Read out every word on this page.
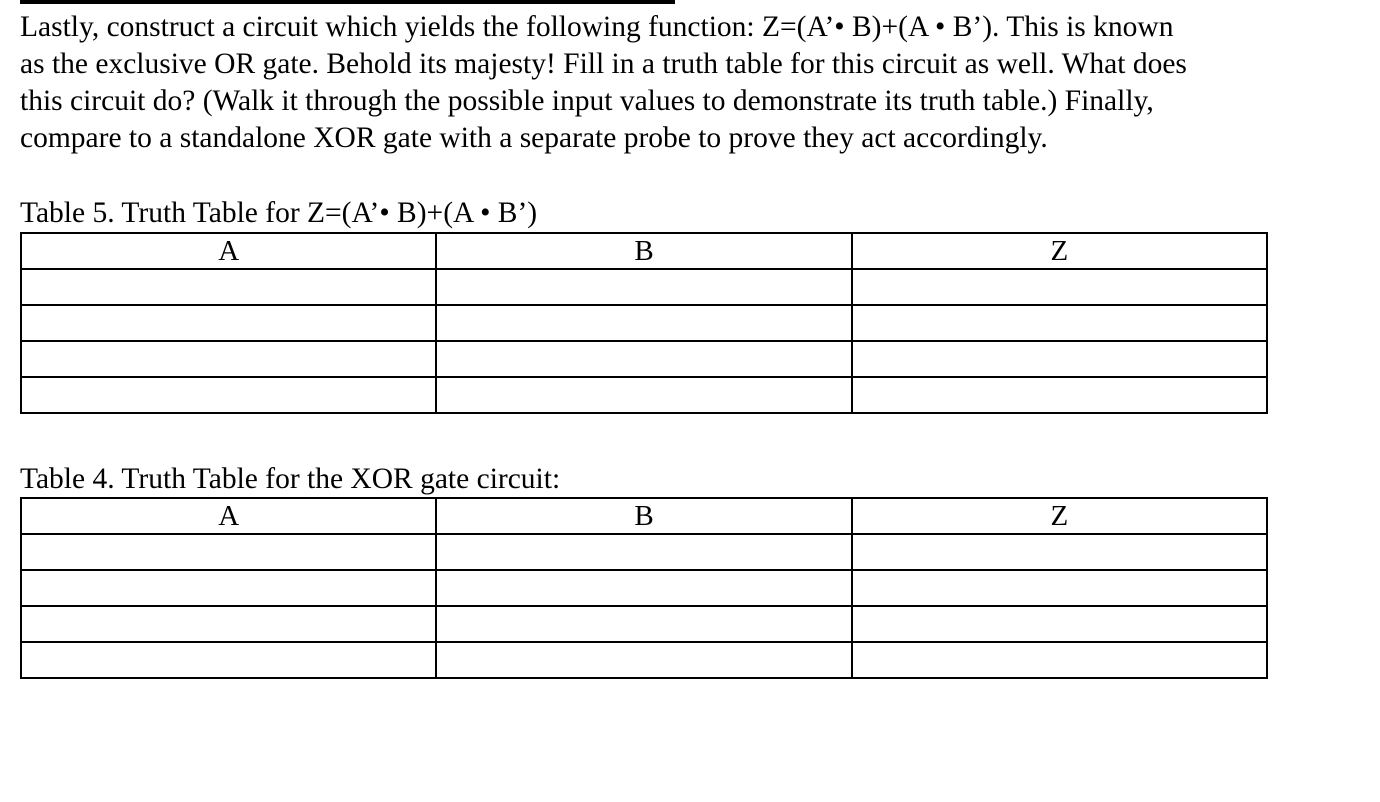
Lastly, construct a circuit which yields the following function: Z=(A’• B)+(A • B’). This is known
as the exclusive OR gate. Behold its majesty! Fill in a truth table for this circuit as well. What does
this circuit do? (Walk it through the possible input values to demonstrate its truth table.) Finally,
compare to a standalone XOR gate with a separate probe to prove they act accordingly.

Table 5. Truth Table for Z=(A’• B)+(A • B’)

A	B	Z

Table 4. Truth Table for the XOR gate circuit:

A	B	Z
